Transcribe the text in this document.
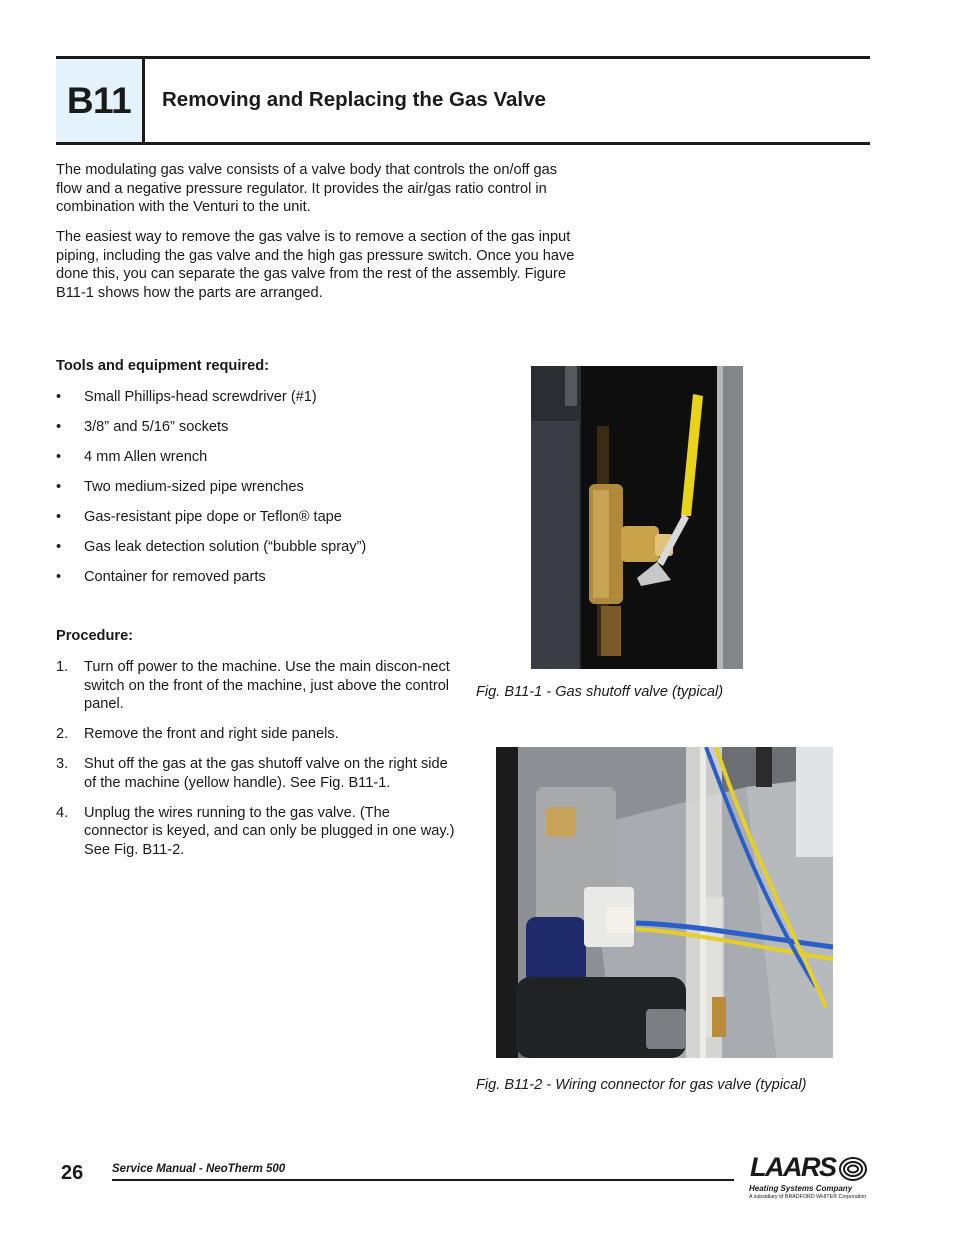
B11 Removing and Replacing the Gas Valve

The modulating gas valve consists of a valve body that controls the on/off gas flow and a negative pressure regulator. It provides the air/gas ratio control in combination with the Venturi to the unit.

The easiest way to remove the gas valve is to remove a section of the gas input piping, including the gas valve and the high gas pressure switch. Once you have done this, you can separate the gas valve from the rest of the assembly. Figure B11-1 shows how the parts are arranged.

Tools and equipment required:
• Small Phillips-head screwdriver (#1)
• 3/8” and 5/16” sockets
• 4 mm Allen wrench
• Two medium-sized pipe wrenches
• Gas-resistant pipe dope or Teflon® tape
• Gas leak detection solution (“bubble spray”)
• Container for removed parts
Procedure:
1. Turn off power to the machine. Use the main discon-nect switch on the front of the machine, just above the control panel.
2. Remove the front and right side panels.
3. Shut off the gas at the gas shutoff valve on the right side of the machine (yellow handle). See Fig. B11-1.
4. Unplug the wires running to the gas valve. (The connector is keyed, and can only be plugged in one way.) See Fig. B11-2.
Fig. B11-1 - Gas shutoff valve (typical)
Fig. B11-2 - Wiring connector for gas valve (typical)
26	Service Manual - NeoTherm 500	LAARS
Heating Systems Company
A subsidiary of BRADFORD WHITE® Corporation
